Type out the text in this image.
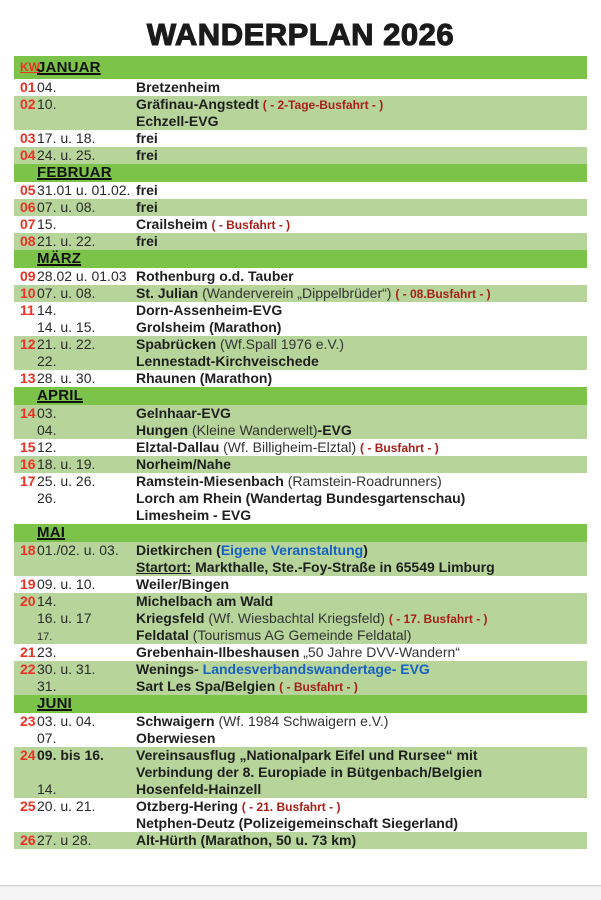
WANDERPLAN 2026
KW
JANUAR
01 04.	Bretzenheim
02 10.	Gräfinau-Angstedt ( - 2-Tage-Busfahrt - )
Echzell-EVG
03 17. u. 18.	frei
04 24. u. 25.	frei
FEBRUAR
05 31.01 u. 01.02. frei
06 07. u. 08.	frei
07 15.	Crailsheim ( - Busfahrt - )
08 21. u. 22.	frei
MÄRZ
09 28.02 u. 01.03 Rothenburg o.d. Tauber
10 07. u. 08.	St. Julian (Wanderverein „Dippelbrüder“) ( - 08.Busfahrt - )
11 14.	Dorn-Assenheim-EVG
14. u. 15.	Grolsheim (Marathon)
12 21. u. 22.	Spabrücken (Wf.Spall 1976 e.V.)
22.	Lennestadt-Kirchveischede
13 28. u. 30.	Rhaunen (Marathon)
APRIL
14 03.	Gelnhaar-EVG
04.	Hungen (Kleine Wanderwelt)-EVG
15 12.	Elztal-Dallau (Wf. Billigheim-Elztal) ( - Busfahrt - )
16 18. u. 19.	Norheim/Nahe
17 25. u. 26.	Ramstein-Miesenbach (Ramstein-Roadrunners)
26.	Lorch am Rhein (Wandertag Bundesgartenschau)
Limesheim - EVG
MAI
18 01./02. u. 03.	Dietkirchen (Eigene Veranstaltung)
Startort: Markthalle, Ste.-Foy-Straße in 65549 Limburg
19 09. u. 10.	Weiler/Bingen
20 14.	Michelbach am Wald
16. u. 17	Kriegsfeld (Wf. Wiesbachtal Kriegsfeld) ( - 17. Busfahrt - )
17.	Feldatal (Tourismus AG Gemeinde Feldatal)
21 23.	Grebenhain-Ilbeshausen „50 Jahre DVV-Wandern“
22 30. u. 31.	Wenings- Landesverbandswandertage- EVG
31.	Sart Les Spa/Belgien ( - Busfahrt - )
JUNI
23 03. u. 04.	Schwaigern (Wf. 1984 Schwaigern e.V.)
07.	Oberwiesen
24 09. bis 16.	Vereinsausflug „Nationalpark Eifel und Rursee“ mit
Verbindung der 8. Europiade in Bütgenbach/Belgien
14.	Hosenfeld-Hainzell
25 20. u. 21.	Otzberg-Hering ( - 21. Busfahrt - )
Netphen-Deutz (Polizeigemeinschaft Siegerland)
26 27. u 28.	Alt-Hürth (Marathon, 50 u. 73 km)
